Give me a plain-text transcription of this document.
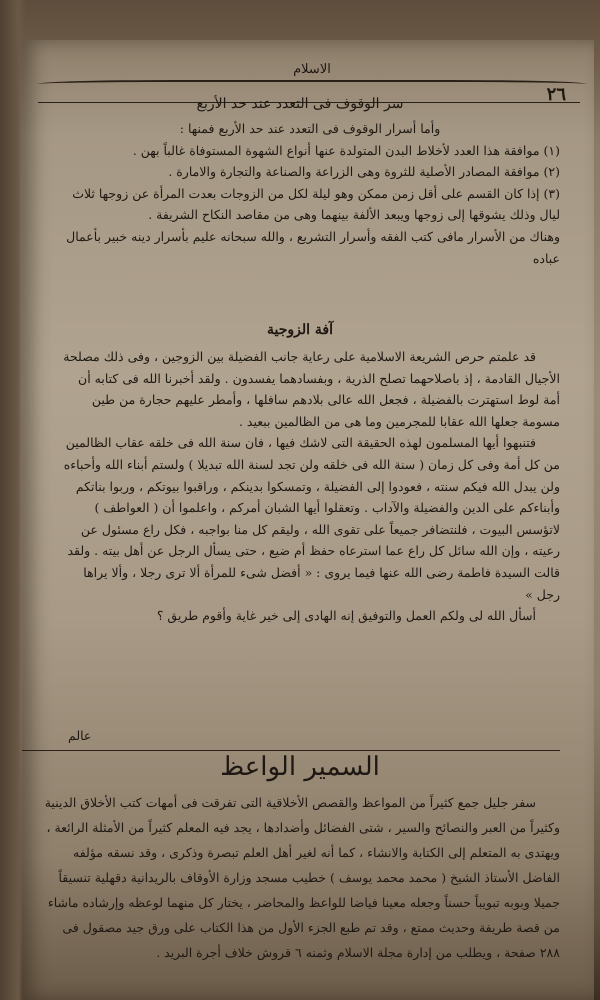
الاسلام
٢٦
سر الوقوف فى التعدد عند حد الأربع

وأما أسرار الوقوف فى التعدد عند حد الأربع فمنها :

(١) موافقة هذا العدد لأخلاط البدن المتولدة عنها أنواع الشهوة المستوفاة غالباً بهن .

(٢) موافقة المصادر الأصلية للثروة وهى الزراعة والصناعة والتجارة والامارة .

(٣) إذا كان القسم على أقل زمن ممكن وهو ليلة لكل من الزوجات بعدت المرأة عن زوجها ثلاث ليال وذلك يشوقها إلى زوجها ويبعد الألفة بينهما وهى من مقاصد النكاح الشريفة .

وهناك من الأسرار مافى كتب الفقه وأسرار التشريع ، والله سبحانه عليم بأسرار دينه خبير بأعمال عباده

آفة الزوجية

قد علمتم حرص الشريعة الاسلامية على رعاية جانب الفضيلة بين الزوجين ، وفى ذلك مصلحة الأجيال القادمة ، إذ باصلاحهما تصلح الذرية ، وبفسادهما يفسدون . ولقد أخبرنا الله فى كتابه أن أمة لوط استهترت بالفضيلة ، فجعل الله عالى بلادهم سافلها ، وأمطر عليهم حجارة من طين مسومة جعلها الله عقابا للمجرمين وما هى من الظالمين ببعيد .

فتنبهوا أيها المسلمون لهذه الحقيقة التى لاشك فيها ، فان سنة الله فى خلقه عقاب الظالمين من كل أمة وفى كل زمان ( سنة الله فى خلقه ولن تجد لسنة الله تبديلا ) ولستم أبناء الله وأحباءه ولن يبدل الله فيكم سنته ، فعودوا إلى الفضيلة ، وتمسكوا بدينكم ، وراقبوا بيوتكم ، وربوا بناتكم وأبناءكم على الدين والفضيلة والآداب . وتعقلوا أيها الشبان أمركم ، واعلموا أن ( العواطف ) لاتؤسس البيوت ، فلنتضافر جميعاً على تقوى الله ، وليقم كل منا بواجبه ، فكل راع مسئول عن رعيته ، وإن الله سائل كل راع عما استرعاه حفظ أم ضيع ، حتى يسأل الرجل عن أهل بيته . ولقد قالت السيدة فاطمة رضى الله عنها فيما يروى : « أفضل شىء للمرأة ألا ترى رجلا ، وألا يراها رجل »

أسأل الله لى ولكم العمل والتوفيق إنه الهادى إلى خير غاية وأقوم طريق ؟

عالم
السمير الواعظ

سفر جليل جمع كثيراً من المواعظ والقصص الأخلاقية التى تفرقت فى أمهات كتب الأخلاق الدينية وكثيراً من العبر والنصائح والسير ، شتى الفضائل وأضدادها ، يجد فيه المعلم كثيراً من الأمثلة الرائعة ، ويهتدى به المتعلم إلى الكتابة والانشاء ، كما أنه لغير أهل العلم تبصرة وذكرى ، وقد نسقه مؤلفه الفاضل الأستاذ الشيخ ( محمد محمد يوسف ) خطيب مسجد وزارة الأوقاف بالريدانية دقهلية تنسيقاً جميلا وبوبه تبويباً حسناً وجعله معينا فياضا للواعظ والمحاضر ، يختار كل منهما لوعظه وإرشاده ماشاء من قصة طريفة وحديث ممتع ، وقد تم طبع الجزء الأول من هذا الكتاب على ورق جيد مصقول فى ٢٨٨ صفحة ، ويطلب من إدارة مجلة الاسلام وثمنه ٦ قروش خلاف أجرة البريد .
